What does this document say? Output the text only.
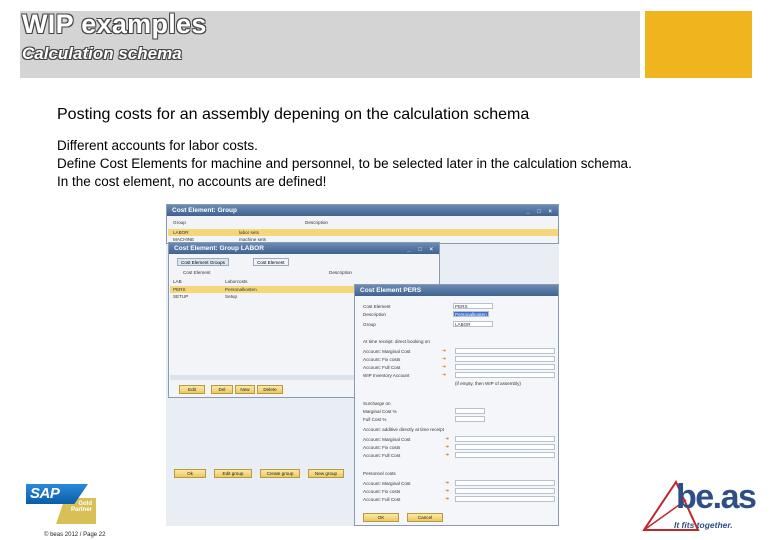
WIP examples
Calculation schema
Posting costs for an assembly depening on the calculation schema
Different accounts for labor costs.
Define Cost Elements for machine and personnel, to be selected later in the calculation schema.
In the cost element, no accounts are defined!
Cost Element: Group	_ □ ×
Group	Description
LABOR	labor sets
MACHINE	machine sets
Cost Element: Group LABOR	_ □ ×
Cost Element Groups	Cost Element
Cost Element	Description
LAB	Laborcosts
PERS	Personalkosten
SETUP	Setup
Edit	Del	New	Delete
Ok	Edit group	Create group	New group
Cost Element PERS
Cost Element	PERS
Description	Personalkosten
Group	LABOR
At time receipt: direct booking on
Account: Marginal Cost	➜
Account: Fix costs	➜
Account: Full Cost	➜
WIP Inventory Account	➜
(if empty, then WIP of assembly)
Surcharge on
Marginal Cost %
Full Cost %
Account: additive directly at time receipt
Account: Marginal Cost	➜
Account: Fix costs	➜
Account: Full Cost	➜
Personnel costs
Account: Marginal Cost	➜
Account: Fix costs	➜
Account: Full Cost	➜
OK	Cancel
Gold Partner
SAP
© beas 2012 / Page 22
be.as
It fits together.
